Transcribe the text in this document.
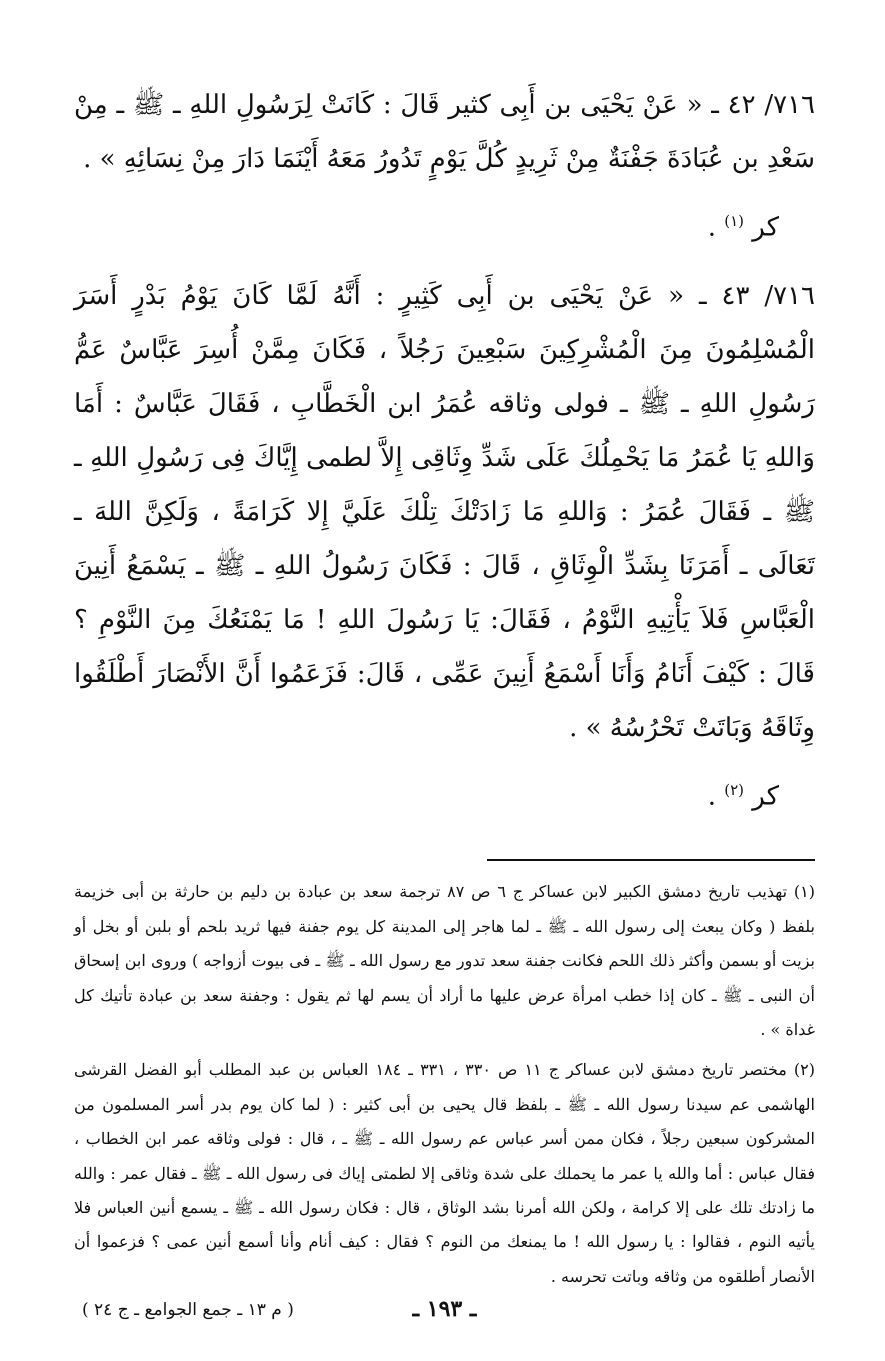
٧١٦/ ٤٢ ـ « عَنْ يَحْيَى بن أَبِى كثير قَالَ : كَانَتْ لِرَسُولِ اللهِ ـ ﷺ ـ مِنْ سَعْدِ بن عُبَادَةَ جَفْنَةٌ مِنْ ثَرِيدٍ كُلَّ يَوْمٍ تَدُورُ مَعَهُ أَيْنَمَا دَارَ مِنْ نِسَائِهِ » .

كر $^{(١)}$ .

٧١٦/ ٤٣ ـ « عَنْ يَحْيَى بن أَبِى كَثِيرٍ : أَنَّهُ لَمَّا كَانَ يَوْمُ بَدْرٍ أَسَرَ الْمُسْلِمُونَ مِنَ الْمُشْرِكِينَ سَبْعِينَ رَجُلاً ، فَكَانَ مِمَّنْ أُسِرَ عَبَّاسٌ عَمُّ رَسُولِ اللهِ ـ ﷺ ـ فولى وثاقه عُمَرُ ابن الْخَطَّابِ ، فَقَالَ عَبَّاسٌ : أَمَا وَاللهِ يَا عُمَرُ مَا يَحْمِلُكَ عَلَى شَدِّ وِثَاقِى إِلاَّ لطمى إِيَّاكَ فِى رَسُولِ اللهِ ـ ﷺ ـ فَقَالَ عُمَرُ : وَاللهِ مَا زَادَتْكَ تِلْكَ عَلَيَّ إِلا كَرَامَةً ، وَلَكِنَّ اللهَ ـ تَعَالَى ـ أَمَرَنَا بِشَدِّ الْوِثَاقِ ، قَالَ : فَكَانَ رَسُولُ اللهِ ـ ﷺ ـ يَسْمَعُ أَنِينَ الْعَبَّاسِ فَلاَ يَأْتِيهِ النَّوْمُ ، فَقَالَ: يَا رَسُولَ اللهِ ! مَا يَمْنَعُكَ مِنَ النَّوْمِ ؟ قَالَ : كَيْفَ أَنَامُ وَأَنَا أَسْمَعُ أَنِينَ عَمِّى ، قَالَ: فَزَعَمُوا أَنَّ الأَنْصَارَ أَطْلَقُوا وِثَاقَهُ وَبَاتَتْ تَحْرُسُهُ » .

كر $^{(٢)}$ .

(١) تهذيب تاريخ دمشق الكبير لابن عساكر ج ٦ ص ٨٧ ترجمة سعد بن عبادة بن دليم بن حارثة بن أبى خزيمة بلفظ ( وكان يبعث إلى رسول الله ـ ﷺ ـ لما هاجر إلى المدينة كل يوم جفنة فيها ثريد بلحم أو بلبن أو بخل أو بزيت أو بسمن وأكثر ذلك اللحم فكانت جفنة سعد تدور مع رسول الله ـ ﷺ ـ فى بيوت أزواجه ) وروى ابن إسحاق أن النبى ـ ﷺ ـ كان إذا خطب امرأة عرض عليها ما أراد أن يسم لها ثم يقول : وجفنة سعد بن عبادة تأتيك كل غداة » .

(٢) مختصر تاريخ دمشق لابن عساكر ج ١١ ص ٣٣٠ ، ٣٣١ ـ ١٨٤ العباس بن عبد المطلب أبو الفضل القرشى الهاشمى عم سيدنا رسول الله ـ ﷺ ـ بلفظ قال يحيى بن أبى كثير : ( لما كان يوم بدر أسر المسلمون من المشركون سبعين رجلاً ، فكان ممن أسر عباس عم رسول الله ـ ﷺ ـ ، قال : فولى وثاقه عمر ابن الخطاب ، فقال عباس : أما والله يا عمر ما يحملك على شدة وثاقى إلا لطمتى إياك فى رسول الله ـ ﷺ ـ فقال عمر : والله ما زادتك تلك على إلا كرامة ، ولكن الله أمرنا بشد الوثاق ، قال : فكان رسول الله ـ ﷺ ـ يسمع أنين العباس فلا يأتيه النوم ، فقالوا : يا رسول الله ! ما يمنعك من النوم ؟ فقال : كيف أنام وأنا أسمع أنين عمى ؟ فزعموا أن الأنصار أطلقوه من وثاقه وباتت تحرسه .

ـ ١٩٣ ـ
( م ١٣ ـ جمع الجوامع ـ ج ٢٤ )
